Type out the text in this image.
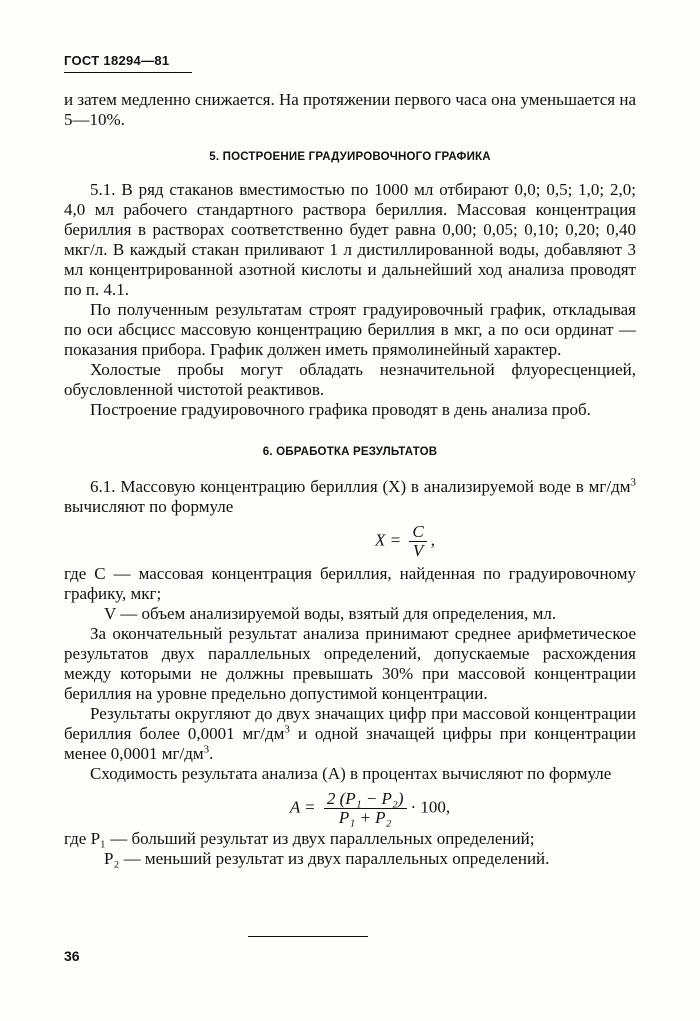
ГОСТ 18294—81

и затем медленно снижается. На протяжении первого часа она уменьшается на 5—10%.

5. ПОСТРОЕНИЕ ГРАДУИРОВОЧНОГО ГРАФИКА

5.1. В ряд стаканов вместимостью по 1000 мл отбирают 0,0; 0,5; 1,0; 2,0; 4,0 мл рабочего стандартного раствора бериллия. Массовая концентрация бериллия в растворах соответственно будет равна 0,00; 0,05; 0,10; 0,20; 0,40 мкг/л. В каждый стакан приливают 1 л дистиллированной воды, добавляют 3 мл концентрированной азотной кислоты и дальнейший ход анализа проводят по п. 4.1.

По полученным результатам строят градуировочный график, откладывая по оси абсцисс массовую концентрацию бериллия в мкг, а по оси ординат — показания прибора. График должен иметь прямолинейный характер.

Холостые пробы могут обладать незначительной флуоресценцией, обусловленной чистотой реактивов.

Построение градуировочного графика проводят в день анализа проб.

6. ОБРАБОТКА РЕЗУЛЬТАТОВ

6.1. Массовую концентрацию бериллия (X) в анализируемой воде в $мг/дм^3$ вычисляют по формуле

$X = \frac{C}{V}$ ,
где C — массовая концентрация бериллия, найденная по градуировочному графику, мкг;
V — объем анализируемой воды, взятый для определения, мл.

За окончательный результат анализа принимают среднее арифметическое результатов двух параллельных определений, допускаемые расхождения между которыми не должны превышать 30% при массовой концентрации бериллия на уровне предельно допустимой концентрации.

Результаты округляют до двух значащих цифр при массовой концентрации бериллия более 0,0001 $мг/дм^3$ и одной значащей цифры при концентрации менее 0,0001 $мг/дм^3$.

Сходимость результата анализа (A) в процентах вычисляют по формуле

$A = \frac{\text{2 (P₁ − P₂)}}{\text{P₁ + P₂}} \cdot 100$,
где P₁ — больший результат из двух параллельных определений;
P₂ — меньший результат из двух параллельных определений.
36
